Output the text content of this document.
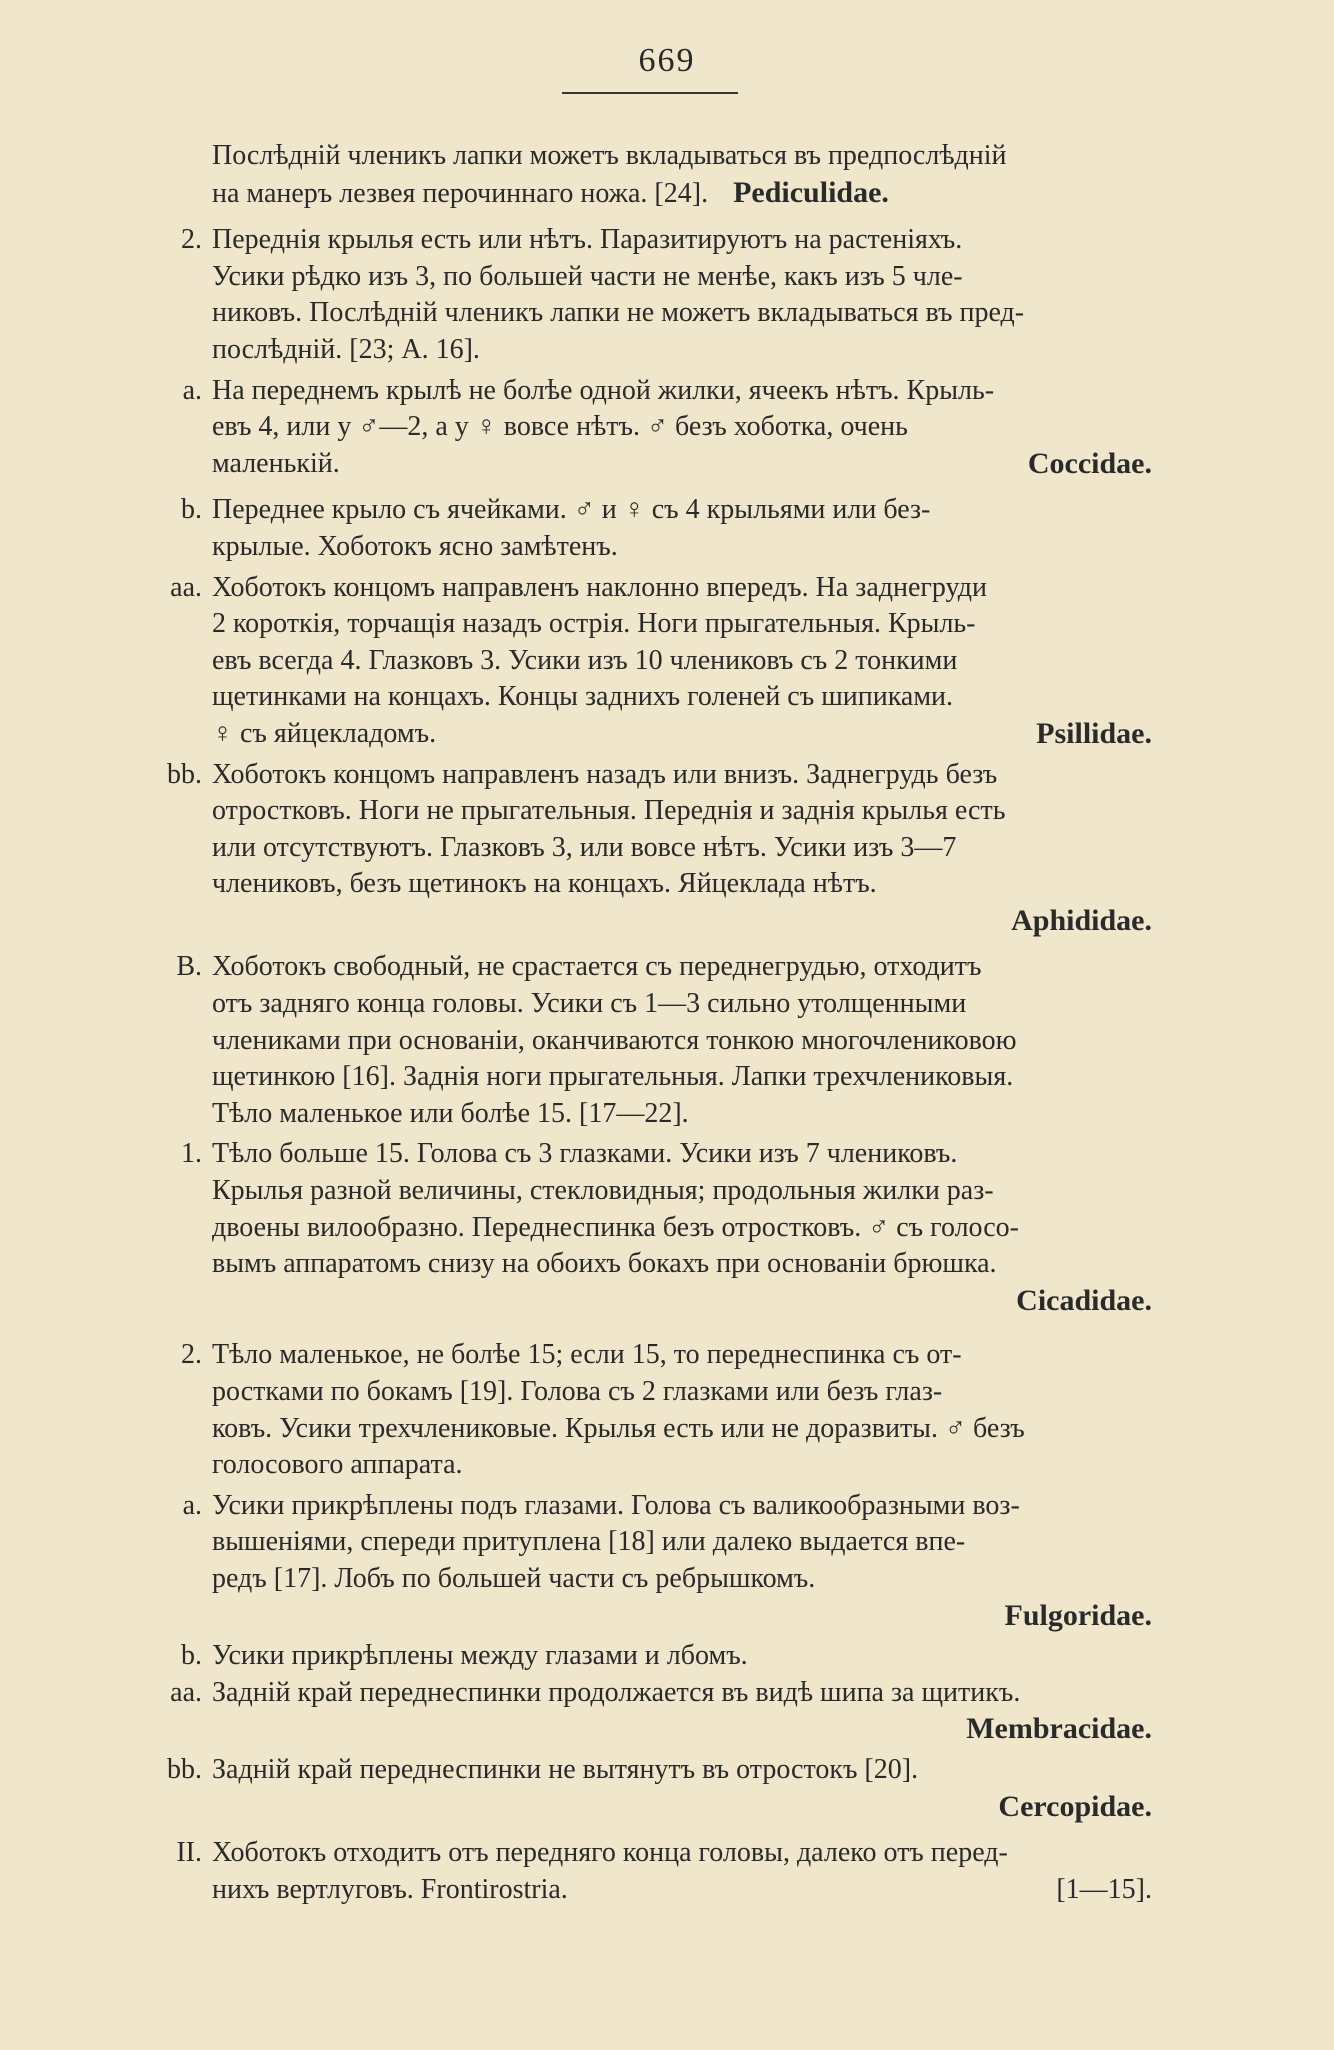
669
Послѣдній членикъ лапки можетъ вкладываться въ предпослѣдній
на манеръ лезвея перочиннаго ножа. [24]. Pediculidae.
2. Переднія крылья есть или нѣтъ. Паразитируютъ на растеніяхъ.
Усики рѣдко изъ 3, по большей части не менѣе, какъ изъ 5 чле-
никовъ. Послѣдній членикъ лапки не можетъ вкладываться въ пред-
послѣдній. [23; A. 16].
a. На переднемъ крылѣ не болѣе одной жилки, ячеекъ нѣтъ. Крыль-
евъ 4, или у ♂—2, а у ♀ вовсе нѣтъ. ♂ безъ хоботка, очень
маленькій.	Coccidae.
b. Переднее крыло съ ячейками. ♂ и ♀ съ 4 крыльями или без-
крылые. Хоботокъ ясно замѣтенъ.
aa. Хоботокъ концомъ направленъ наклонно впередъ. На заднегруди
2 короткія, торчащія назадъ острія. Ноги прыгательныя. Крыль-
евъ всегда 4. Глазковъ 3. Усики изъ 10 члениковъ съ 2 тонкими
щетинками на концахъ. Концы заднихъ голеней съ шипиками.
♀ съ яйцекладомъ.	Psillidae.
bb. Хоботокъ концомъ направленъ назадъ или внизъ. Заднегрудь безъ
отростковъ. Ноги не прыгательныя. Переднія и заднія крылья есть
или отсутствуютъ. Глазковъ 3, или вовсе нѣтъ. Усики изъ 3—7
члениковъ, безъ щетинокъ на концахъ. Яйцеклада нѣтъ.
Aphididae.
B. Хоботокъ свободный, не срастается съ переднегрудью, отходитъ
отъ задняго конца головы. Усики съ 1—3 сильно утолщенными
члениками при основаніи, оканчиваются тонкою многочлениковою
щетинкою [16]. Заднія ноги прыгательныя. Лапки трехчлениковыя.
Тѣло маленькое или болѣе 15. [17—22].
1. Тѣло больше 15. Голова съ 3 глазками. Усики изъ 7 члениковъ.
Крылья разной величины, стекловидныя; продольныя жилки раз-
двоены вилообразно. Переднеспинка безъ отростковъ. ♂ съ голосо-
вымъ аппаратомъ снизу на обоихъ бокахъ при основаніи брюшка.
Cicadidae.
2. Тѣло маленькое, не болѣе 15; если 15, то переднеспинка съ от-
ростками по бокамъ [19]. Голова съ 2 глазками или безъ глаз-
ковъ. Усики трехчлениковые. Крылья есть или не доразвиты. ♂ безъ
голосового аппарата.
a. Усики прикрѣплены подъ глазами. Голова съ валикообразными воз-
вышеніями, спереди притуплена [18] или далеко выдается впе-
редъ [17]. Лобъ по большей части съ ребрышкомъ.
Fulgoridae.
b. Усики прикрѣплены между глазами и лбомъ.
aa. Задній край переднеспинки продолжается въ видѣ шипа за щитикъ.
Membracidae.
bb. Задній край переднеспинки не вытянутъ въ отростокъ [20].
Cercopidae.
II. Хоботокъ отходитъ отъ передняго конца головы, далеко отъ перед-
нихъ вертлуговъ. Frontirostria.	[1—15].
